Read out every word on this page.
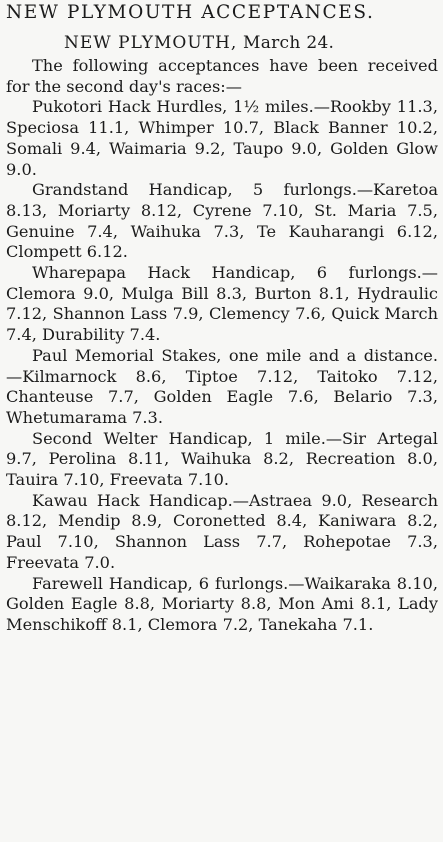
NEW PLYMOUTH ACCEPTANCES.

NEW PLYMOUTH, March 24.

The following acceptances have been received for the second day's races:—

Pukotori Hack Hurdles, 1½ miles.—Rookby 11.3, Speciosa 11.1, Whimper 10.7, Black Banner 10.2, Somali 9.4, Waimaria 9.2, Taupo 9.0, Golden Glow 9.0.

Grandstand Handicap, 5 furlongs.—Karetoa 8.13, Moriarty 8.12, Cyrene 7.10, St. Maria 7.5, Genuine 7.4, Waihuka 7.3, Te Kauharangi 6.12, Clompett 6.12.

Wharepapa Hack Handicap, 6 furlongs.—Clemora 9.0, Mulga Bill 8.3, Burton 8.1, Hydraulic 7.12, Shannon Lass 7.9, Clemency 7.6, Quick March 7.4, Durability 7.4.

Paul Memorial Stakes, one mile and a distance.—Kilmarnock 8.6, Tiptoe 7.12, Taitoko 7.12, Chanteuse 7.7, Golden Eagle 7.6, Belario 7.3, Whetumarama 7.3.

Second Welter Handicap, 1 mile.—Sir Artegal 9.7, Perolina 8.11, Waihuka 8.2, Recreation 8.0, Tauira 7.10, Freevata 7.10.

Kawau Hack Handicap.—Astraea 9.0, Research 8.12, Mendip 8.9, Coronetted 8.4, Kaniwara 8.2, Paul 7.10, Shannon Lass 7.7, Rohepotae 7.3, Freevata 7.0.

Farewell Handicap, 6 furlongs.—Waikaraka 8.10, Golden Eagle 8.8, Moriarty 8.8, Mon Ami 8.1, Lady Menschikoff 8.1, Clemora 7.2, Tanekaha 7.1.
